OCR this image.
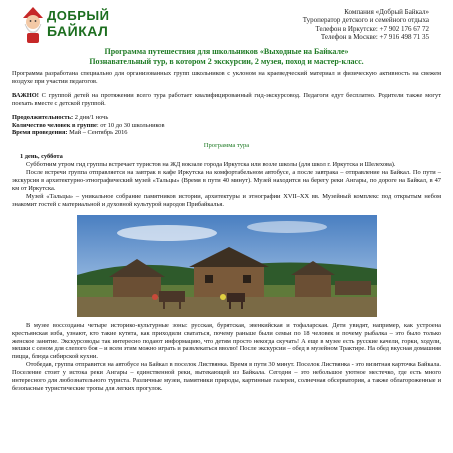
ДОБРЫЙ
БАЙКАЛ
Компания «Добрый Байкал»
Туроператор детского и семейного отдыха
Телефон в Иркутске: +7 902 176 67 72
Телефон в Москве: +7 916 498 71 35
Программа путешествия для школьников «Выходные на Байкале»
Познавательный тур, в котором 2 экскурсии, 2 музея, поход и мастер-класс.

Программа разработана специально для организованных групп школьников с уклоном на краеведческий материал и физическую активность на свежем воздухе при участии педагогов.

ВАЖНО! С группой детей на протяжении всего тура работает квалифицированный гид-экскурсовод. Педагоги едут бесплатно. Родители также могут поехать вместе с детской группой.

Продолжительность: 2 дня/1 ночь

Количество человек в группе: от 10 до 30 школьников

Время проведения: Май – Сентябрь 2016

Программа тура

1 день, суббота

Субботним утром гид группы встречает туристов на ЖД вокзале города Иркутска или возле школы (для школ г. Иркутска и Шелехова).

После встречи группа отправляется на завтрак в кафе Иркутска на комфортабельном автобусе, а после завтрака – отправление на Байкал. По пути – экскурсия в архитектурно-этнографический музей «Тальцы» (Время в пути 40 минут). Музей находится на берегу реки Ангары, по дороге на Байкал, в 47 км от Иркутска.

Музей «Тальцы» – уникальное собрание памятников истории, архитектуры и этнографии XVII–XX вв. Музейный комплекс под открытым небом знакомит гостей с материальной и духовной культурой народов Прибайкалья.

В музее воссозданы четыре историко-культурные зоны: русская, бурятская, эвенкийская и тофаларская. Дети увидят, например, как устроена крестьянская изба, узнают, кто такие кутята, как приходили свататься, почему раньше были семьи по 18 человек и почему рыбалка – это было только женское занятие. Экскурсоводы так интересно подают информацию, что детям просто некогда скучать! А еще в музее есть русские качели, горки, ходули, мешки с сеном для слепого боя – и всем этим можно играть и развлекаться вволю! После экскурсии – обед в музейном Трактире. На обед вкусная домашняя пицца, блюда сибирской кухни.

Отобедав, группа отправится на автобусе на Байкал в поселок Листвянка. Время в пути 30 минут. Поселок Листвянка - это визитная карточка Байкала. Поселение стоит у истока реки Ангары – единственной реки, вытекающей из Байкала. Сегодня – это небольшое уютное местечко, где есть много интересного для любознательного туриста. Различные музеи, памятники природы, картинные галереи, солнечная обсерватория, а также облагороженные и безопасные туристические тропы для легких прогулок.
